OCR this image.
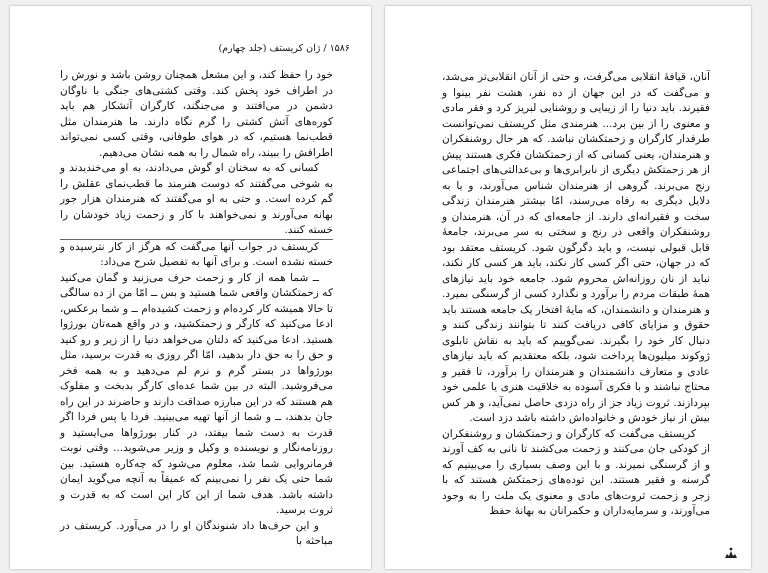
۱۵۸۶ / ژان کریستف (جلد چهارم)

خود را حفظ کند، و این مشعل همچنان روشن باشد و نورش را در اطراف خود پخش کند. وقتی کشتی‌های جنگی با ناوگان دشمن در می‌افتند و می‌جنگند، کارگران آتشکار هم باید کوره‌های آتش کشتی را گرم نگاه دارند. ما هنرمندان مثل قطب‌نما هستیم، که در هوای طوفانی، وقتی کسی نمی‌تواند اطرافش را ببیند، راه شمال را به همه نشان می‌دهیم.

کسانی که به سخنان او گوش می‌دادند، به او می‌خندیدند و به شوخی می‌گفتند که دوست هنرمند ما قطب‌نمای عقلش را گم کرده است. و حتی به او می‌گفتند که هنرمندان هزار جور بهانه می‌آورند و نمی‌خواهند با کار و زحمت زیاد خودشان را خسته کنند.

کریستف در جواب آنها می‌گفت که هرگز از کار نترسیده و خسته نشده است. و برای آنها به تفصیل شرح می‌داد:

ــ شما همه از کار و زحمت حرف می‌زنید و گمان می‌کنید که زحمتکشان واقعی شما هستید و بس ــ امّا من از ده سالگی تا حالا همیشه کار کرده‌ام و زحمت کشیده‌ام ــ و شما برعکس، ادعا می‌کنید که کارگر و زحمتکشید، و در واقع همه‌تان بورژوا هستید. ادعا می‌کنید که دلتان می‌خواهد دنیا را از زیر و رو کنید و حق را به حق دار بدهید، امّا اگر روزی به قدرت برسید، مثل بورژواها در بستر گرم و نرم لم می‌دهید و به همه فخر می‌فروشید. البته در بین شما عده‌ای کارگر بدبخت و مفلوک هم هستند که در این مبارزه صداقت دارند و حاضرند در این راه جان بدهند، ــ و شما از آنها تهیه می‌بینید. فردا یا پس فردا اگر قدرت به دست شما بیفتد، در کنار بورژواها می‌ایستید و روزنامه‌نگار و نویسنده و وکیل و وزیر می‌شوید... وقتی نوبت فرمانروایی شما شد، معلوم می‌شود که چه‌کاره هستید. بین شما حتی یک نفر را نمی‌بینم که عمیقاً به آنچه می‌گوید ایمان داشته باشد. هدف شما از این کار این است که به قدرت و ثروت برسید.

و این حرف‌ها داد شنوندگان او را در می‌آورد. کریستف در مباحثه با

آنان، قیافهٔ انقلابی می‌گرفت، و حتی از آنان انقلابی‌تر می‌شد، و می‌گفت که در این جهان از ده نفر، هشت نفر بینوا و فقیرند. باید دنیا را از زیبایی و روشنایی لبریز کرد و فقر مادی و معنوی را از بین برد... هنرمندی مثل کریستف نمی‌توانست طرفدار کارگران و زحمتکشان نباشد. که هر حال روشنفکران و هنرمندان، یعنی کسانی که از زحمتکشان فکری هستند پیش از هر زحمتکش دیگری از نابرابری‌ها و بی‌عدالتی‌های اجتماعی رنج می‌برند. گروهی از هنرمندان شناس می‌آورند، و یا به دلایل دیگری به رفاه می‌رسند، امّا بیشتر هنرمندان زندگی سخت و فقیرانه‌ای دارند. از جامعه‌ای که در آن، هنرمندان و روشنفکران واقعی در رنج و سختی به سر می‌برند، جامعهٔ قابل قبولی نیست، و باید دگرگون شود. کریستف معتقد بود که در جهان، حتی اگر کسی کار نکند، باید هر کسی کار نکند، نباید از نان روزانه‌اش محروم شود. جامعه خود باید نیازهای همهٔ طبقات مردم را برآورد و نگذارد کسی از گرسنگی بمیرد. و هنرمندان و دانشمندان، که مایهٔ افتخار یک جامعه هستند باید حقوق و مزایای کافی دریافت کنند تا بتوانند زندگی کنند و دنبال کار خود را بگیرند. نمی‌گوییم که باید به نقاش تابلوی ژوکوند میلیون‌ها پرداخت شود، بلکه معتقدیم که باید نیازهای عادی و متعارف دانشمندان و هنرمندان را برآورد، تا فقیر و محتاج نباشند و با فکری آسوده به خلاقیت هنری یا علمی خود بپردازند. ثروت زیاد جز از راه دزدی حاصل نمی‌آید، و هر کس بیش از نیاز خودش و خانواده‌اش داشته باشد دزد است.

کریستف می‌گفت که کارگران و زحمتکشان و روشنفکران از کودکی جان می‌کنند و زحمت می‌کشند تا نانی به کف آورند و از گرسنگی نمیرند. و با این وصف بسیاری را می‌بینیم که گرسنه و فقیر هستند. این توده‌های زحمتکش هستند که با زجر و زحمت ثروت‌های مادی و معنوی یک ملت را به وجود می‌آورند، و سرمایه‌داران و حکمرانان به بهانهٔ حفظ
